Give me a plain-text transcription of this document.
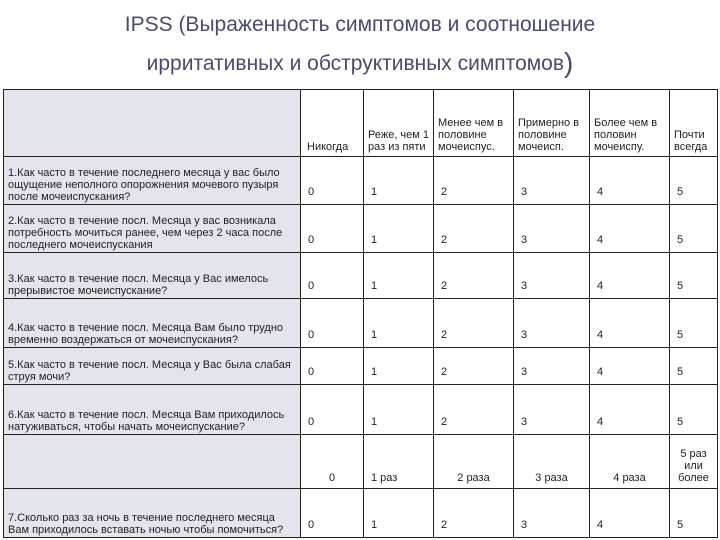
IPSS (Выраженность симптомов и соотношение
ирритативных и обструктивных симптомов)
	Никогда	Реже, чем 1 раз из пяти	Менее чем в половине мочеиспус.	Примерно в половине мочеисп.	Более чем в половин мочеиспу.	Почти всегда
1.Как часто в течение последнего месяца у вас было ощущение неполного опорожнения мочевого пузыря после мочеиспускания?	0	1	2	3	4	5
2.Как часто в течение посл. Месяца у вас возникала потребность мочиться ранее, чем через 2 часа после последнего мочеиспускания	0	1	2	3	4	5
3.Как часто в течение посл. Месяца у Вас имелось прерывистое мочеиспускание?	0	1	2	3	4	5
4.Как часто в течение посл. Месяца Вам было трудно временно воздержаться от мочеиспускания?	0	1	2	3	4	5
5.Как часто в течение посл. Месяца у Вас была слабая струя мочи?	0	1	2	3	4	5
6.Как часто в течение посл. Месяца Вам приходилось натуживаться, чтобы начать мочеиспускание?	0	1	2	3	4	5
	0	1 раз	2 раза	3 раза	4 раза	5 раз или более
7.Сколько раз за ночь в течение последнего месяца Вам приходилось вставать ночью чтобы помочиться?	0	1	2	3	4	5
